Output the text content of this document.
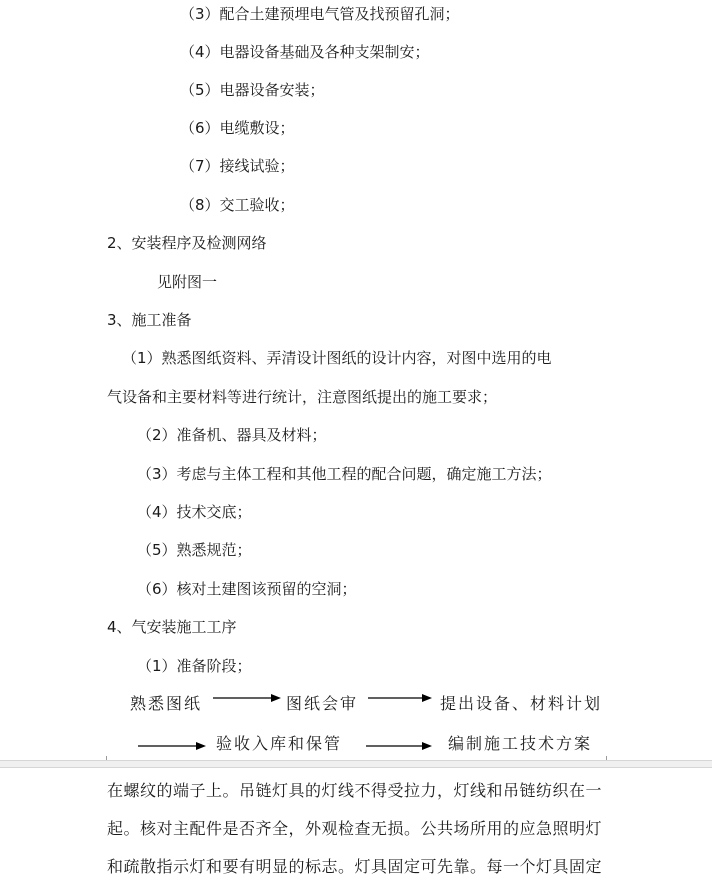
（3）配合土建预埋电气管及找预留孔洞；
（4）电器设备基础及各种支架制安；
（5）电器设备安装；
（6）电缆敷设；
（7）接线试验；
（8）交工验收；
2、安装程序及检测网络
见附图一
3、施工准备
（1）熟悉图纸资料、弄清设计图纸的设计内容，对图中选用的电
气设备和主要材料等进行统计，注意图纸提出的施工要求；
（2）准备机、器具及材料；
（3）考虑与主体工程和其他工程的配合问题，确定施工方法；
（4）技术交底；
（5）熟悉规范；
（6）核对土建图该预留的空洞；
4、气安装施工工序
（1）准备阶段；
熟悉图纸	图纸会审	提出设备、材料计划
验收入库和保管	编制施工技术方案
在螺纹的端子上。吊链灯具的灯线不得受拉力，灯线和吊链纺织在一
起。核对主配件是否齐全，外观检查无损。公共场所用的应急照明灯
和疏散指示灯和要有明显的标志。灯具固定可先靠。每一个灯具固定
